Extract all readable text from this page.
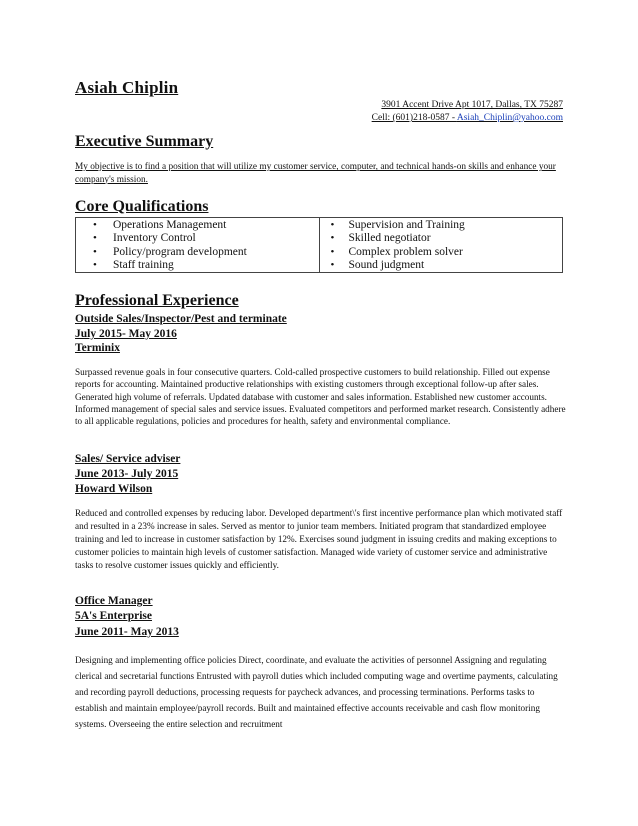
Asiah Chiplin
3901 Accent Drive Apt 1017, Dallas, TX 75287
Cell: (601)218-0587 - Asiah_Chiplin@yahoo.com
Executive Summary
My objective is to find a position that will utilize my customer service, computer, and technical hands-on skills and enhance your company's mission.
Core Qualifications
• Operations Management
• Inventory Control
• Policy/program development
• Staff training
• Supervision and Training
• Skilled negotiator
• Complex problem solver
• Sound judgment
Professional Experience
Outside Sales/Inspector/Pest and terminate
July 2015- May 2016
Terminix
Surpassed revenue goals in four consecutive quarters. Cold-called prospective customers to build relationship. Filled out expense reports for accounting. Maintained productive relationships with existing customers through exceptional follow-up after sales. Generated high volume of referrals. Updated database with customer and sales information. Established new customer accounts. Informed management of special sales and service issues. Evaluated competitors and performed market research. Consistently adhere to all applicable regulations, policies and procedures for health, safety and environmental compliance.
Sales/ Service adviser
June 2013- July 2015
Howard Wilson
Reduced and controlled expenses by reducing labor. Developed department\'s first incentive performance plan which motivated staff and resulted in a 23% increase in sales. Served as mentor to junior team members. Initiated program that standardized employee training and led to increase in customer satisfaction by 12%. Exercises sound judgment in issuing credits and making exceptions to customer policies to maintain high levels of customer satisfaction. Managed wide variety of customer service and administrative tasks to resolve customer issues quickly and efficiently.
Office Manager
5A's Enterprise
June 2011- May 2013
Designing and implementing office policies Direct, coordinate, and evaluate the activities of personnel Assigning and regulating clerical and secretarial functions Entrusted with payroll duties which included computing wage and overtime payments, calculating and recording payroll deductions, processing requests for paycheck advances, and processing terminations. Performs tasks to establish and maintain employee/payroll records. Built and maintained effective accounts receivable and cash flow monitoring systems. Overseeing the entire selection and recruitment
